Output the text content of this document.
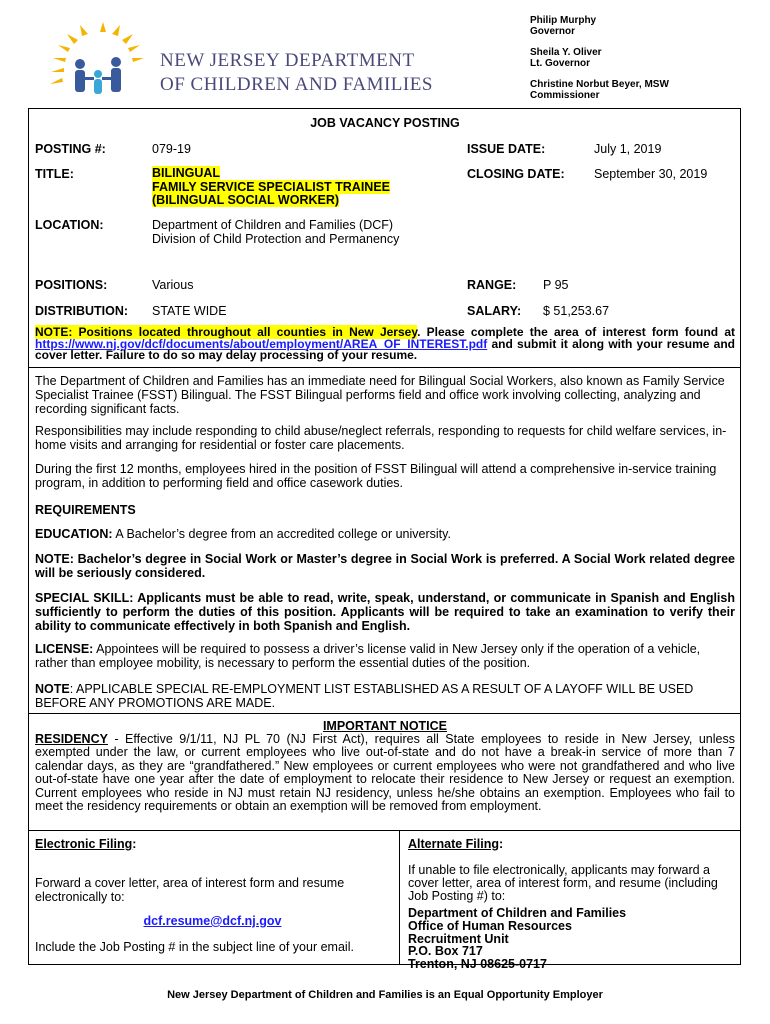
NEW JERSEY DEPARTMENT
OF CHILDREN AND FAMILIES
Philip Murphy
Governor
Sheila Y. Oliver
Lt. Governor
Christine Norbut Beyer, MSW
Commissioner
JOB VACANCY POSTING
POSTING #:	079-19	ISSUE DATE:	July 1, 2019
TITLE:	BILINGUAL
FAMILY SERVICE SPECIALIST TRAINEE
(BILINGUAL SOCIAL WORKER)
CLOSING DATE: September 30, 2019
LOCATION:	Department of Children and Families (DCF)
Division of Child Protection and Permanency
POSITIONS:	Various	RANGE: P 95
DISTRIBUTION: STATE WIDE	SALARY: $ 51,253.67
NOTE: Positions located throughout all counties in New Jersey. Please complete the area of interest form found at https://www.nj.gov/dcf/documents/about/employment/AREA_OF_INTEREST.pdf and submit it along with your resume and cover letter. Failure to do so may delay processing of your resume.

The Department of Children and Families has an immediate need for Bilingual Social Workers, also known as Family Service Specialist Trainee (FSST) Bilingual. The FSST Bilingual performs field and office work involving collecting, analyzing and recording significant facts.

Responsibilities may include responding to child abuse/neglect referrals, responding to requests for child welfare services, in-home visits and arranging for residential or foster care placements.

During the first 12 months, employees hired in the position of FSST Bilingual will attend a comprehensive in-service training program, in addition to performing field and office casework duties.

REQUIREMENTS

EDUCATION: A Bachelor’s degree from an accredited college or university.

NOTE: Bachelor’s degree in Social Work or Master’s degree in Social Work is preferred. A Social Work related degree will be seriously considered.

SPECIAL SKILL: Applicants must be able to read, write, speak, understand, or communicate in Spanish and English sufficiently to perform the duties of this position. Applicants will be required to take an examination to verify their ability to communicate effectively in both Spanish and English.

LICENSE: Appointees will be required to possess a driver’s license valid in New Jersey only if the operation of a vehicle, rather than employee mobility, is necessary to perform the essential duties of the position.

NOTE: APPLICABLE SPECIAL RE-EMPLOYMENT LIST ESTABLISHED AS A RESULT OF A LAYOFF WILL BE USED BEFORE ANY PROMOTIONS ARE MADE.

IMPORTANT NOTICE

RESIDENCY - Effective 9/1/11, NJ PL 70 (NJ First Act), requires all State employees to reside in New Jersey, unless exempted under the law, or current employees who live out-of-state and do not have a break-in service of more than 7 calendar days, as they are “grandfathered.” New employees or current employees who were not grandfathered and who live out-of-state have one year after the date of employment to relocate their residence to New Jersey or request an exemption. Current employees who reside in NJ must retain NJ residency, unless he/she obtains an exemption. Employees who fail to meet the residency requirements or obtain an exemption will be removed from employment.

Electronic Filing:

Forward a cover letter, area of interest form and resume electronically to:

dcf.resume@dcf.nj.gov

Include the Job Posting # in the subject line of your email.

Alternate Filing:

If unable to file electronically, applicants may forward a cover letter, area of interest form, and resume (including Job Posting #) to:

Department of Children and Families
Office of Human Resources
Recruitment Unit
P.O. Box 717
Trenton, NJ 08625-0717
New Jersey Department of Children and Families is an Equal Opportunity Employer
